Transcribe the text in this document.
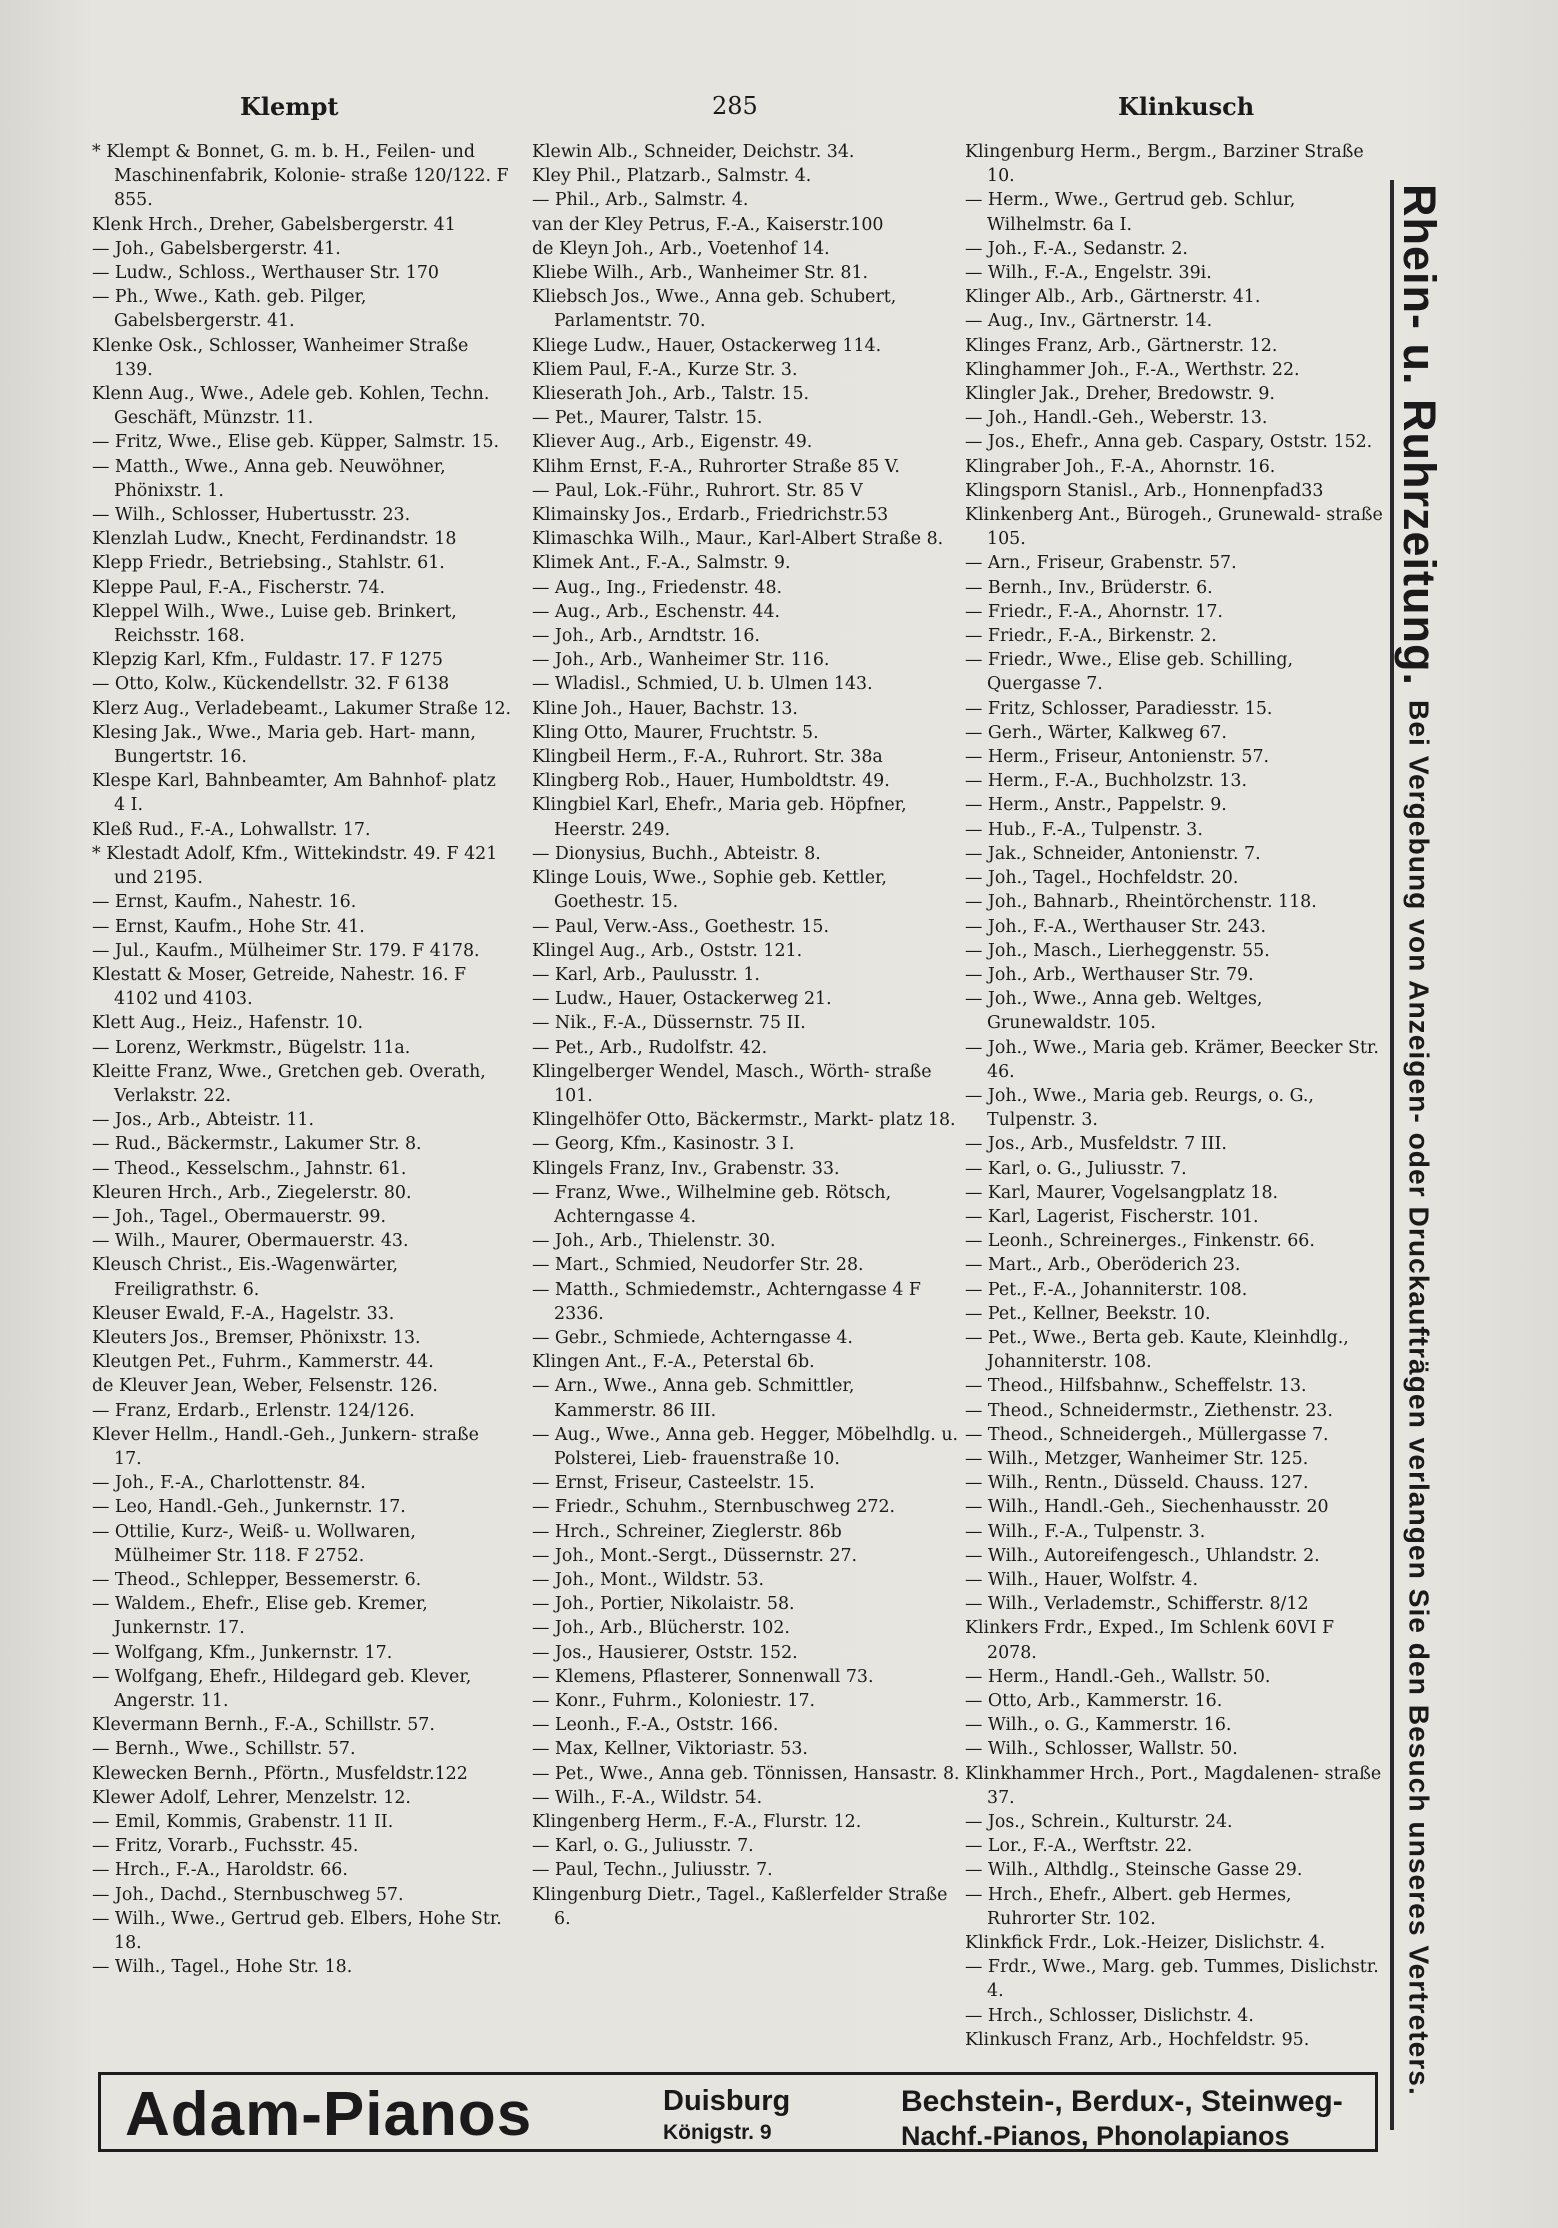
Klempt	285	Klinkusch

* Klempt & Bonnet, G. m. b. H., Feilen- und Maschinenfabrik, Kolonie- straße 120/122. F 855.

Klenk Hrch., Dreher, Gabelsbergerstr. 41

— Joh., Gabelsbergerstr. 41.

— Ludw., Schloss., Werthauser Str. 170

— Ph., Wwe., Kath. geb. Pilger, Gabelsbergerstr. 41.

Klenke Osk., Schlosser, Wanheimer Straße 139.

Klenn Aug., Wwe., Adele geb. Kohlen, Techn. Geschäft, Münzstr. 11.

— Fritz, Wwe., Elise geb. Küpper, Salmstr. 15.

— Matth., Wwe., Anna geb. Neuwöhner, Phönixstr. 1.

— Wilh., Schlosser, Hubertusstr. 23.

Klenzlah Ludw., Knecht, Ferdinandstr. 18

Klepp Friedr., Betriebsing., Stahlstr. 61.

Kleppe Paul, F.-A., Fischerstr. 74.

Kleppel Wilh., Wwe., Luise geb. Brinkert, Reichsstr. 168.

Klepzig Karl, Kfm., Fuldastr. 17. F 1275

— Otto, Kolw., Kückendellstr. 32. F 6138

Klerz Aug., Verladebeamt., Lakumer Straße 12.

Klesing Jak., Wwe., Maria geb. Hart- mann, Bungertstr. 16.

Klespe Karl, Bahnbeamter, Am Bahnhof- platz 4 I.

Kleß Rud., F.-A., Lohwallstr. 17.

* Klestadt Adolf, Kfm., Wittekindstr. 49. F 421 und 2195.

— Ernst, Kaufm., Nahestr. 16.

— Ernst, Kaufm., Hohe Str. 41.

— Jul., Kaufm., Mülheimer Str. 179. F 4178.

Klestatt & Moser, Getreide, Nahestr. 16. F 4102 und 4103.

Klett Aug., Heiz., Hafenstr. 10.

— Lorenz, Werkmstr., Bügelstr. 11a.

Kleitte Franz, Wwe., Gretchen geb. Overath, Verlakstr. 22.

— Jos., Arb., Abteistr. 11.

— Rud., Bäckermstr., Lakumer Str. 8.

— Theod., Kesselschm., Jahnstr. 61.

Kleuren Hrch., Arb., Ziegelerstr. 80.

— Joh., Tagel., Obermauerstr. 99.

— Wilh., Maurer, Obermauerstr. 43.

Kleusch Christ., Eis.-Wagenwärter, Freiligrathstr. 6.

Kleuser Ewald, F.-A., Hagelstr. 33.

Kleuters Jos., Bremser, Phönixstr. 13.

Kleutgen Pet., Fuhrm., Kammerstr. 44.

de Kleuver Jean, Weber, Felsenstr. 126.

— Franz, Erdarb., Erlenstr. 124/126.

Klever Hellm., Handl.-Geh., Junkern- straße 17.

— Joh., F.-A., Charlottenstr. 84.

— Leo, Handl.-Geh., Junkernstr. 17.

— Ottilie, Kurz-, Weiß- u. Wollwaren, Mülheimer Str. 118. F 2752.

— Theod., Schlepper, Bessemerstr. 6.

— Waldem., Ehefr., Elise geb. Kremer, Junkernstr. 17.

— Wolfgang, Kfm., Junkernstr. 17.

— Wolfgang, Ehefr., Hildegard geb. Klever, Angerstr. 11.

Klevermann Bernh., F.-A., Schillstr. 57.

— Bernh., Wwe., Schillstr. 57.

Klewecken Bernh., Pförtn., Musfeldstr.122

Klewer Adolf, Lehrer, Menzelstr. 12.

— Emil, Kommis, Grabenstr. 11 II.

— Fritz, Vorarb., Fuchsstr. 45.

— Hrch., F.-A., Haroldstr. 66.

— Joh., Dachd., Sternbuschweg 57.

— Wilh., Wwe., Gertrud geb. Elbers, Hohe Str. 18.

— Wilh., Tagel., Hohe Str. 18.

Klewin Alb., Schneider, Deichstr. 34.

Kley Phil., Platzarb., Salmstr. 4.

— Phil., Arb., Salmstr. 4.

van der Kley Petrus, F.-A., Kaiserstr.100

de Kleyn Joh., Arb., Voetenhof 14.

Kliebe Wilh., Arb., Wanheimer Str. 81.

Kliebsch Jos., Wwe., Anna geb. Schubert, Parlamentstr. 70.

Kliege Ludw., Hauer, Ostackerweg 114.

Kliem Paul, F.-A., Kurze Str. 3.

Klieserath Joh., Arb., Talstr. 15.

— Pet., Maurer, Talstr. 15.

Kliever Aug., Arb., Eigenstr. 49.

Klihm Ernst, F.-A., Ruhrorter Straße 85 V.

— Paul, Lok.-Führ., Ruhrort. Str. 85 V

Klimainsky Jos., Erdarb., Friedrichstr.53

Klimaschka Wilh., Maur., Karl-Albert Straße 8.

Klimek Ant., F.-A., Salmstr. 9.

— Aug., Ing., Friedenstr. 48.

— Aug., Arb., Eschenstr. 44.

— Joh., Arb., Arndtstr. 16.

— Joh., Arb., Wanheimer Str. 116.

— Wladisl., Schmied, U. b. Ulmen 143.

Kline Joh., Hauer, Bachstr. 13.

Kling Otto, Maurer, Fruchtstr. 5.

Klingbeil Herm., F.-A., Ruhrort. Str. 38a

Klingberg Rob., Hauer, Humboldtstr. 49.

Klingbiel Karl, Ehefr., Maria geb. Höpfner, Heerstr. 249.

— Dionysius, Buchh., Abteistr. 8.

Klinge Louis, Wwe., Sophie geb. Kettler, Goethestr. 15.

— Paul, Verw.-Ass., Goethestr. 15.

Klingel Aug., Arb., Oststr. 121.

— Karl, Arb., Paulusstr. 1.

— Ludw., Hauer, Ostackerweg 21.

— Nik., F.-A., Düssernstr. 75 II.

— Pet., Arb., Rudolfstr. 42.

Klingelberger Wendel, Masch., Wörth- straße 101.

Klingelhöfer Otto, Bäckermstr., Markt- platz 18.

— Georg, Kfm., Kasinostr. 3 I.

Klingels Franz, Inv., Grabenstr. 33.

— Franz, Wwe., Wilhelmine geb. Rötsch, Achterngasse 4.

— Joh., Arb., Thielenstr. 30.

— Mart., Schmied, Neudorfer Str. 28.

— Matth., Schmiedemstr., Achterngasse 4 F 2336.

— Gebr., Schmiede, Achterngasse 4.

Klingen Ant., F.-A., Peterstal 6b.

— Arn., Wwe., Anna geb. Schmittler, Kammerstr. 86 III.

— Aug., Wwe., Anna geb. Hegger, Möbelhdlg. u. Polsterei, Lieb- frauenstraße 10.

— Ernst, Friseur, Casteelstr. 15.

— Friedr., Schuhm., Sternbuschweg 272.

— Hrch., Schreiner, Zieglerstr. 86b

— Joh., Mont.-Sergt., Düssernstr. 27.

— Joh., Mont., Wildstr. 53.

— Joh., Portier, Nikolaistr. 58.

— Joh., Arb., Blücherstr. 102.

— Jos., Hausierer, Oststr. 152.

— Klemens, Pflasterer, Sonnenwall 73.

— Konr., Fuhrm., Koloniestr. 17.

— Leonh., F.-A., Oststr. 166.

— Max, Kellner, Viktoriastr. 53.

— Pet., Wwe., Anna geb. Tönnissen, Hansastr. 8.

— Wilh., F.-A., Wildstr. 54.

Klingenberg Herm., F.-A., Flurstr. 12.

— Karl, o. G., Juliusstr. 7.

— Paul, Techn., Juliusstr. 7.

Klingenburg Dietr., Tagel., Kaßlerfelder Straße 6.

Klingenburg Herm., Bergm., Barziner Straße 10.

— Herm., Wwe., Gertrud geb. Schlur, Wilhelmstr. 6a I.

— Joh., F.-A., Sedanstr. 2.

— Wilh., F.-A., Engelstr. 39i.

Klinger Alb., Arb., Gärtnerstr. 41.

— Aug., Inv., Gärtnerstr. 14.

Klinges Franz, Arb., Gärtnerstr. 12.

Klinghammer Joh., F.-A., Werthstr. 22.

Klingler Jak., Dreher, Bredowstr. 9.

— Joh., Handl.-Geh., Weberstr. 13.

— Jos., Ehefr., Anna geb. Caspary, Oststr. 152.

Klingraber Joh., F.-A., Ahornstr. 16.

Klingsporn Stanisl., Arb., Honnenpfad33

Klinkenberg Ant., Bürogeh., Grunewald- straße 105.

— Arn., Friseur, Grabenstr. 57.

— Bernh., Inv., Brüderstr. 6.

— Friedr., F.-A., Ahornstr. 17.

— Friedr., F.-A., Birkenstr. 2.

— Friedr., Wwe., Elise geb. Schilling, Quergasse 7.

— Fritz, Schlosser, Paradiesstr. 15.

— Gerh., Wärter, Kalkweg 67.

— Herm., Friseur, Antonienstr. 57.

— Herm., F.-A., Buchholzstr. 13.

— Herm., Anstr., Pappelstr. 9.

— Hub., F.-A., Tulpenstr. 3.

— Jak., Schneider, Antonienstr. 7.

— Joh., Tagel., Hochfeldstr. 20.

— Joh., Bahnarb., Rheintörchenstr. 118.

— Joh., F.-A., Werthauser Str. 243.

— Joh., Masch., Lierheggenstr. 55.

— Joh., Arb., Werthauser Str. 79.

— Joh., Wwe., Anna geb. Weltges, Grunewaldstr. 105.

— Joh., Wwe., Maria geb. Krämer, Beecker Str. 46.

— Joh., Wwe., Maria geb. Reurgs, o. G., Tulpenstr. 3.

— Jos., Arb., Musfeldstr. 7 III.

— Karl, o. G., Juliusstr. 7.

— Karl, Maurer, Vogelsangplatz 18.

— Karl, Lagerist, Fischerstr. 101.

— Leonh., Schreinerges., Finkenstr. 66.

— Mart., Arb., Oberöderich 23.

— Pet., F.-A., Johanniterstr. 108.

— Pet., Kellner, Beekstr. 10.

— Pet., Wwe., Berta geb. Kaute, Kleinhdlg., Johanniterstr. 108.

— Theod., Hilfsbahnw., Scheffelstr. 13.

— Theod., Schneidermstr., Ziethenstr. 23.

— Theod., Schneidergeh., Müllergasse 7.

— Wilh., Metzger, Wanheimer Str. 125.

— Wilh., Rentn., Düsseld. Chauss. 127.

— Wilh., Handl.-Geh., Siechenhausstr. 20

— Wilh., F.-A., Tulpenstr. 3.

— Wilh., Autoreifengesch., Uhlandstr. 2.

— Wilh., Hauer, Wolfstr. 4.

— Wilh., Verlademstr., Schifferstr. 8/12

Klinkers Frdr., Exped., Im Schlenk 60VI F 2078.

— Herm., Handl.-Geh., Wallstr. 50.

— Otto, Arb., Kammerstr. 16.

— Wilh., o. G., Kammerstr. 16.

— Wilh., Schlosser, Wallstr. 50.

Klinkhammer Hrch., Port., Magdalenen- straße 37.

— Jos., Schrein., Kulturstr. 24.

— Lor., F.-A., Werftstr. 22.

— Wilh., Althdlg., Steinsche Gasse 29.

— Hrch., Ehefr., Albert. geb Hermes, Ruhrorter Str. 102.

Klinkfick Frdr., Lok.-Heizer, Dislichstr. 4.

— Frdr., Wwe., Marg. geb. Tummes, Dislichstr. 4.

— Hrch., Schlosser, Dislichstr. 4.

Klinkusch Franz, Arb., Hochfeldstr. 95.

Rhein- u. Ruhrzeitung.
Bei Vergebung von Anzeigen- oder Druckaufträgen verlangen Sie den Besuch unseres Vertreters.
Adam-Pianos	Duisburg
Königstr. 9
Bechstein-, Berdux-, Steinweg-
Nachf.-Pianos, Phonolapianos
